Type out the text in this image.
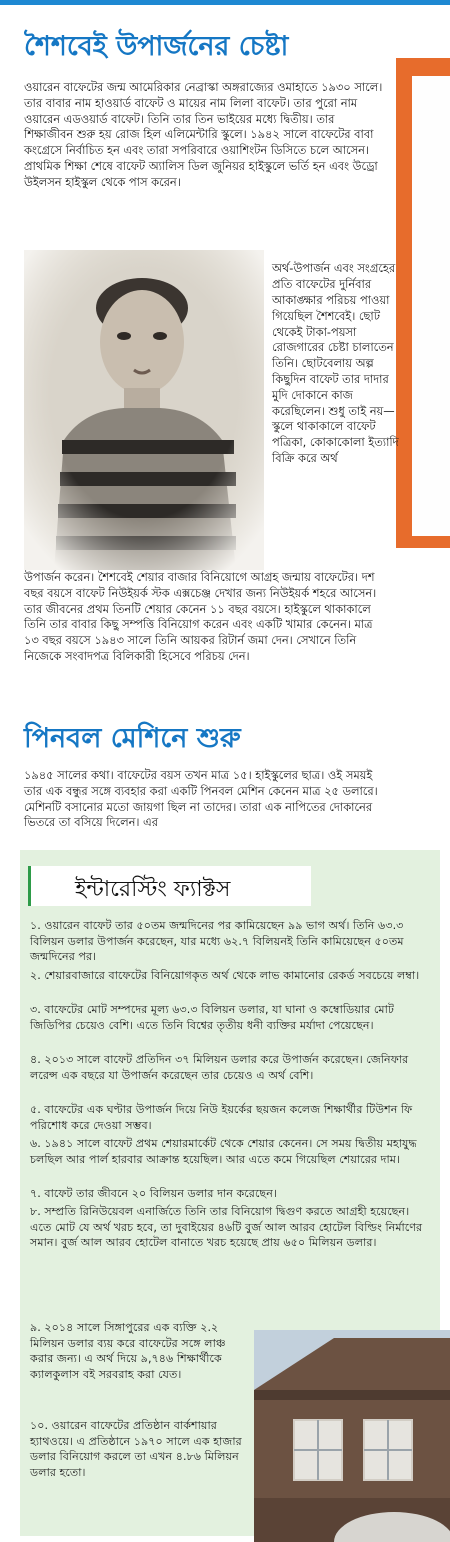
শৈশবেই উপার্জনের চেষ্টা

ওয়ারেন বাফেটের জন্ম আমেরিকার নেব্রাস্কা অঙ্গরাজ্যের ওমাহাতে ১৯৩০ সালে। তার বাবার নাম হাওয়ার্ড বাফেট ও মায়ের নাম লিলা বাফেট। তার পুরো নাম ওয়ারেন এডওয়ার্ড বাফেট। তিনি তার তিন ভাইয়ের মধ্যে দ্বিতীয়। তার শিক্ষাজীবন শুরু হয় রোজ হিল এলিমেন্টারি স্কুলে। ১৯৪২ সালে বাফেটের বাবা কংগ্রেসে নির্বাচিত হন এবং তারা সপরিবারে ওয়াশিংটন ডিসিতে চলে আসেন। প্রাথমিক শিক্ষা শেষে বাফেট অ্যালিস ডিল জুনিয়র হাইস্কুলে ভর্তি হন এবং উড্রো উইলসন হাইস্কুল থেকে পাস করেন।

অর্থ-উপার্জন এবং সংগ্রহের প্রতি বাফেটের দুর্নিবার আকাঙ্ক্ষার পরিচয় পাওয়া গিয়েছিল শৈশবেই। ছোট থেকেই টাকা-পয়সা রোজগারের চেষ্টা চালাতেন তিনি। ছোটবেলায় অল্প কিছুদিন বাফেট তার দাদার মুদি দোকানে কাজ করেছিলেন। শুধু তাই নয়— স্কুলে থাকাকালে বাফেট পত্রিকা, কোকাকোলা ইত্যাদি বিক্রি করে অর্থ

উপার্জন করেন। শৈশবেই শেয়ার বাজার বিনিয়োগে আগ্রহ জন্মায় বাফেটের। দশ বছর বয়সে বাফেট নিউইয়র্ক স্টক এক্সচেঞ্জ দেখার জন্য নিউইয়র্ক শহরে আসেন। তার জীবনের প্রথম তিনটি শেয়ার কেনেন ১১ বছর বয়সে। হাইস্কুলে থাকাকালে তিনি তার বাবার কিছু সম্পত্তি বিনিয়োগ করেন এবং একটি খামার কেনেন। মাত্র ১৩ বছর বয়সে ১৯৪৩ সালে তিনি আয়কর রিটার্ন জমা দেন। সেখানে তিনি নিজেকে সংবাদপত্র বিলিকারী হিসেবে পরিচয় দেন।

পিনবল মেশিনে শুরু

১৯৪৫ সালের কথা। বাফেটের বয়স তখন মাত্র ১৫। হাইস্কুলের ছাত্র। ওই সময়ই তার এক বন্ধুর সঙ্গে ব্যবহার করা একটি পিনবল মেশিন কেনেন মাত্র ২৫ ডলারে। মেশিনটি বসানোর মতো জায়গা ছিল না তাদের। তারা এক নাপিতের দোকানের ভিতরে তা বসিয়ে দিলেন। এর

ইন্টারেস্টিং ফ্যাক্টস
১. ওয়ারেন বাফেট তার ৫০তম জন্মদিনের পর কামিয়েছেন ৯৯ ভাগ অর্থ। তিনি ৬৩.৩ বিলিয়ন ডলার উপার্জন করেছেন, যার মধ্যে ৬২.৭ বিলিয়নই তিনি কামিয়েছেন ৫০তম জন্মদিনের পর।
২. শেয়ারবাজারে বাফেটের বিনিয়োগকৃত অর্থ থেকে লাভ কামানোর রেকর্ড সবচেয়ে লম্বা।
৩. বাফেটের মোট সম্পদের মূল্য ৬৩.৩ বিলিয়ন ডলার, যা ঘানা ও কম্বোডিয়ার মোট জিডিপির চেয়েও বেশি। এতে তিনি বিশ্বের তৃতীয় ধনী ব্যক্তির মর্যাদা পেয়েছেন।
৪. ২০১৩ সালে বাফেট প্রতিদিন ৩৭ মিলিয়ন ডলার করে উপার্জন করেছেন। জেনিফার লরেন্স এক বছরে যা উপার্জন করেছেন তার চেয়েও এ অর্থ বেশি।
৫. বাফেটের এক ঘণ্টার উপার্জন দিয়ে নিউ ইয়র্কের ছয়জন কলেজ শিক্ষার্থীর টিউশন ফি পরিশোধ করে দেওয়া সম্ভব।
৬. ১৯৪১ সালে বাফেট প্রথম শেয়ারমার্কেট থেকে শেয়ার কেনেন। সে সময় দ্বিতীয় মহাযুদ্ধ চলছিল আর পার্ল হারবার আক্রান্ত হয়েছিল। আর এতে কমে গিয়েছিল শেয়ারের দাম।
৭. বাফেট তার জীবনে ২০ বিলিয়ন ডলার দান করেছেন।
৮. সম্প্রতি রিনিউয়েবল এনার্জিতে তিনি তার বিনিয়োগ দ্বিগুণ করতে আগ্রহী হয়েছেন। এতে মোট যে অর্থ খরচ হবে, তা দুবাইয়ের ৪৬টি বুর্জ আল আরব হোটেল বিল্ডিং নির্মাণের সমান। বুর্জ আল আরব হোটেল বানাতে খরচ হয়েছে প্রায় ৬৫০ মিলিয়ন ডলার।
৯. ২০১৪ সালে সিঙ্গাপুরের এক ব্যক্তি ২.২ মিলিয়ন ডলার ব্যয় করে বাফেটের সঙ্গে লাঞ্চ করার জন্য। এ অর্থ দিয়ে ৯,৭৪৬ শিক্ষার্থীকে ক্যালকুলাস বই সরবরাহ করা যেত।
১০. ওয়ারেন বাফেটের প্রতিষ্ঠান বার্কশায়ার হ্যাথওয়ে। এ প্রতিষ্ঠানে ১৯৭০ সালে এক হাজার ডলার বিনিয়োগ করলে তা এখন ৪.৮৬ মিলিয়ন ডলার হতো।
